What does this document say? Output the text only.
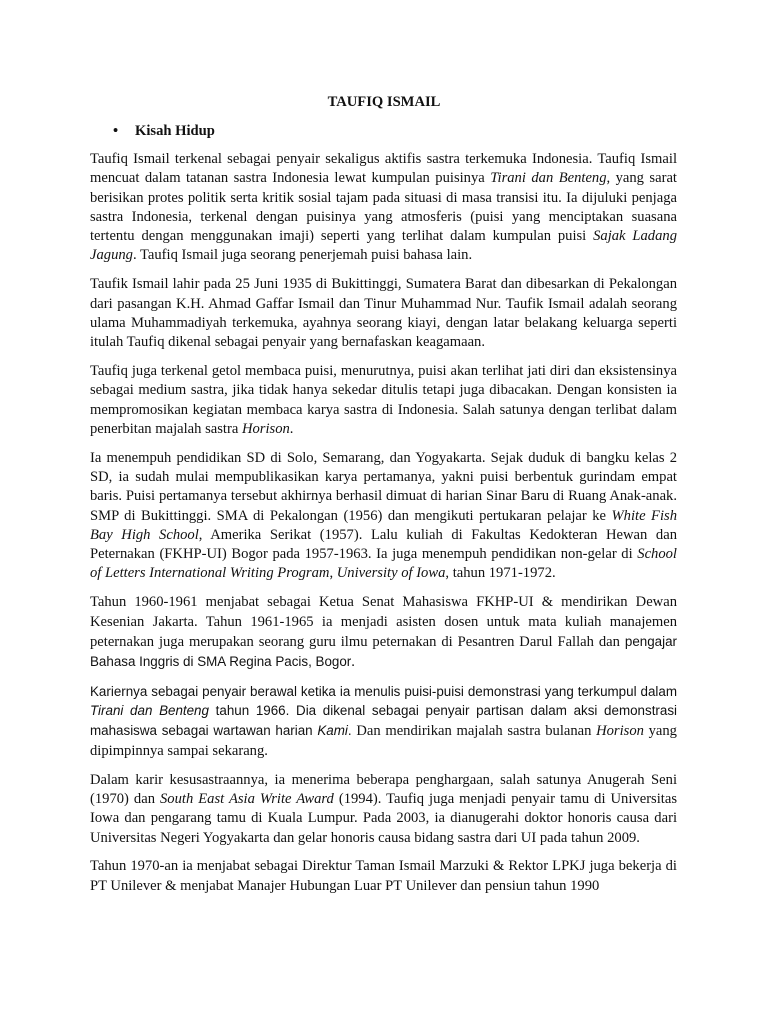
TAUFIQ ISMAIL
• Kisah Hidup

Taufiq Ismail terkenal sebagai penyair sekaligus aktifis sastra terkemuka Indonesia. Taufiq Ismail mencuat dalam tatanan sastra Indonesia lewat kumpulan puisinya Tirani dan Benteng, yang sarat berisikan protes politik serta kritik sosial tajam pada situasi di masa transisi itu. Ia dijuluki penjaga sastra Indonesia, terkenal dengan puisinya yang atmosferis (puisi yang menciptakan suasana tertentu dengan menggunakan imaji) seperti yang terlihat dalam kumpulan puisi Sajak Ladang Jagung. Taufiq Ismail juga seorang penerjemah puisi bahasa lain.

Taufik Ismail lahir pada 25 Juni 1935 di Bukittinggi, Sumatera Barat dan dibesarkan di Pekalongan dari pasangan K.H. Ahmad Gaffar Ismail dan Tinur Muhammad Nur. Taufik Ismail adalah seorang ulama Muhammadiyah terkemuka, ayahnya seorang kiayi, dengan latar belakang keluarga seperti itulah Taufiq dikenal sebagai penyair yang bernafaskan keagamaan.

Taufiq juga terkenal getol membaca puisi, menurutnya, puisi akan terlihat jati diri dan eksistensinya sebagai medium sastra, jika tidak hanya sekedar ditulis tetapi juga dibacakan. Dengan konsisten ia mempromosikan kegiatan membaca karya sastra di Indonesia. Salah satunya dengan terlibat dalam penerbitan majalah sastra Horison.

Ia menempuh pendidikan SD di Solo, Semarang, dan Yogyakarta. Sejak duduk di bangku kelas 2 SD, ia sudah mulai mempublikasikan karya pertamanya, yakni puisi berbentuk gurindam empat baris. Puisi pertamanya tersebut akhirnya berhasil dimuat di harian Sinar Baru di Ruang Anak-anak. SMP di Bukittinggi. SMA di Pekalongan (1956) dan mengikuti pertukaran pelajar ke White Fish Bay High School, Amerika Serikat (1957). Lalu kuliah di Fakultas Kedokteran Hewan dan Peternakan (FKHP-UI) Bogor pada 1957-1963. Ia juga menempuh pendidikan non-gelar di School of Letters International Writing Program, University of Iowa, tahun 1971-1972.

Tahun 1960-1961 menjabat sebagai Ketua Senat Mahasiswa FKHP-UI & mendirikan Dewan Kesenian Jakarta. Tahun 1961-1965 ia menjadi asisten dosen untuk mata kuliah manajemen peternakan juga merupakan seorang guru ilmu peternakan di Pesantren Darul Fallah dan pengajar Bahasa Inggris di SMA Regina Pacis, Bogor.

Kariernya sebagai penyair berawal ketika ia menulis puisi-puisi demonstrasi yang terkumpul dalam Tirani dan Benteng tahun 1966. Dia dikenal sebagai penyair partisan dalam aksi demonstrasi mahasiswa sebagai wartawan harian Kami. Dan mendirikan majalah sastra bulanan Horison yang dipimpinnya sampai sekarang.

Dalam karir kesusastraannya, ia menerima beberapa penghargaan, salah satunya Anugerah Seni (1970) dan South East Asia Write Award (1994). Taufiq juga menjadi penyair tamu di Universitas Iowa dan pengarang tamu di Kuala Lumpur. Pada 2003, ia dianugerahi doktor honoris causa dari Universitas Negeri Yogyakarta dan gelar honoris causa bidang sastra dari UI pada tahun 2009.

Tahun 1970-an ia menjabat sebagai Direktur Taman Ismail Marzuki & Rektor LPKJ juga bekerja di PT Unilever & menjabat Manajer Hubungan Luar PT Unilever dan pensiun tahun 1990
